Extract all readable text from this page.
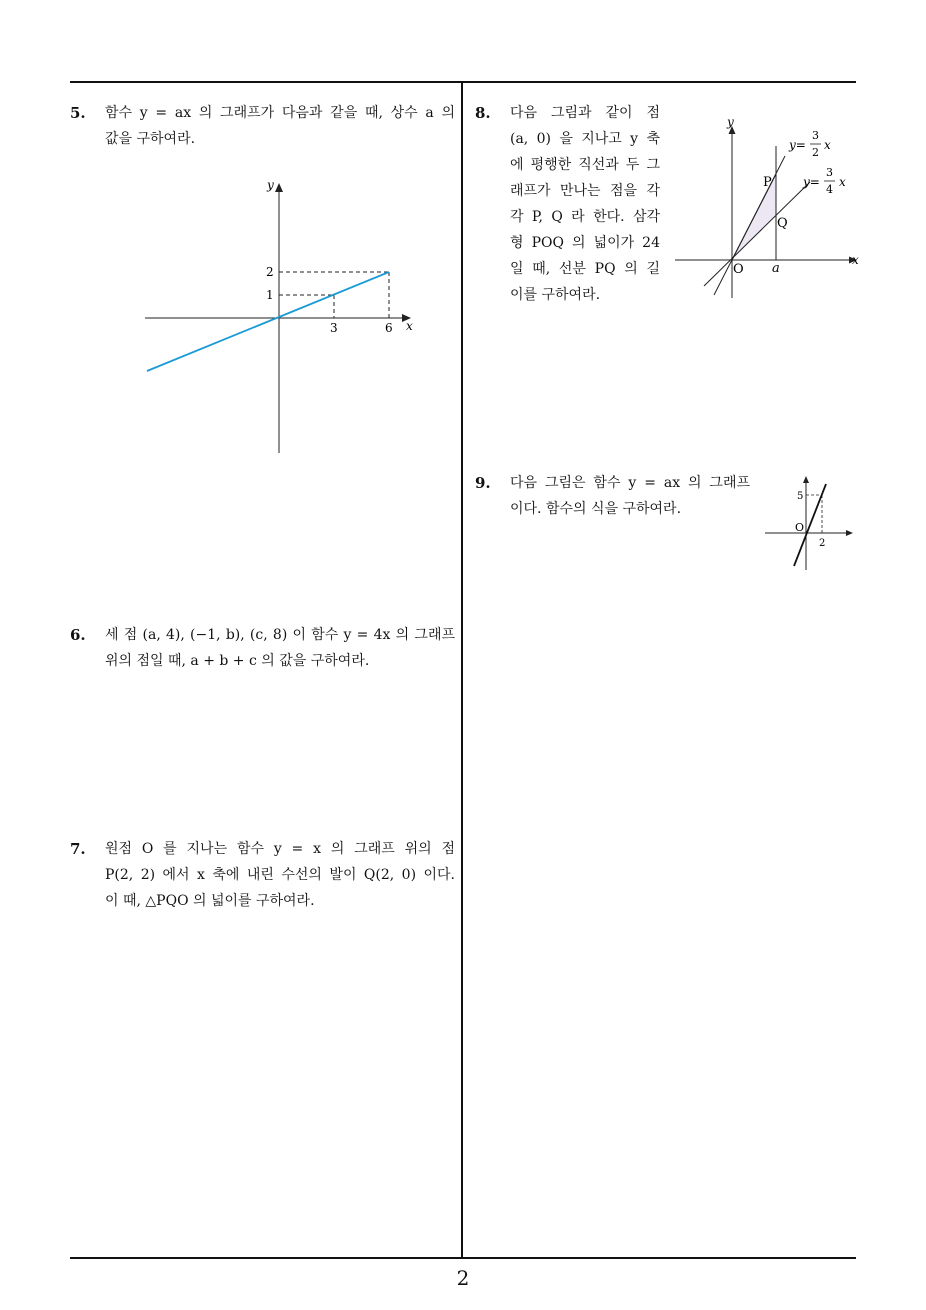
5. 함수 y = ax 의 그래프가 다음과 같을 때, 상수 a 의

값을 구하여라.

y
x
2
1
3	6
6. 세 점 (a, 4), (−1, b), (c, 8) 이 함수 y = 4x 의 그래프

위의 점일 때, a + b + c 의 값을 구하여라.

7. 원점 O 를 지나는 함수 y = x 의 그래프 위의 점

P(2, 2) 에서 x 축에 내린 수선의 발이 Q(2, 0) 이다.

이 때, △PQO 의 넓이를 구하여라.

8. 다음 그림과 같이 점

(a, 0) 을 지나고 y 축

에 평행한 직선과 두 그

래프가 만나는 점을 각

각 P, Q 라 한다. 삼각

형 POQ 의 넓이가 24

일 때, 선분 PQ 의 길

이를 구하여라.

y
x
O a
P
Q
y=
3
2
x
y=
3
4
x
9. 다음 그림은 함수 y = ax 의 그래프

이다. 함수의 식을 구하여라.

5
O
2
2
